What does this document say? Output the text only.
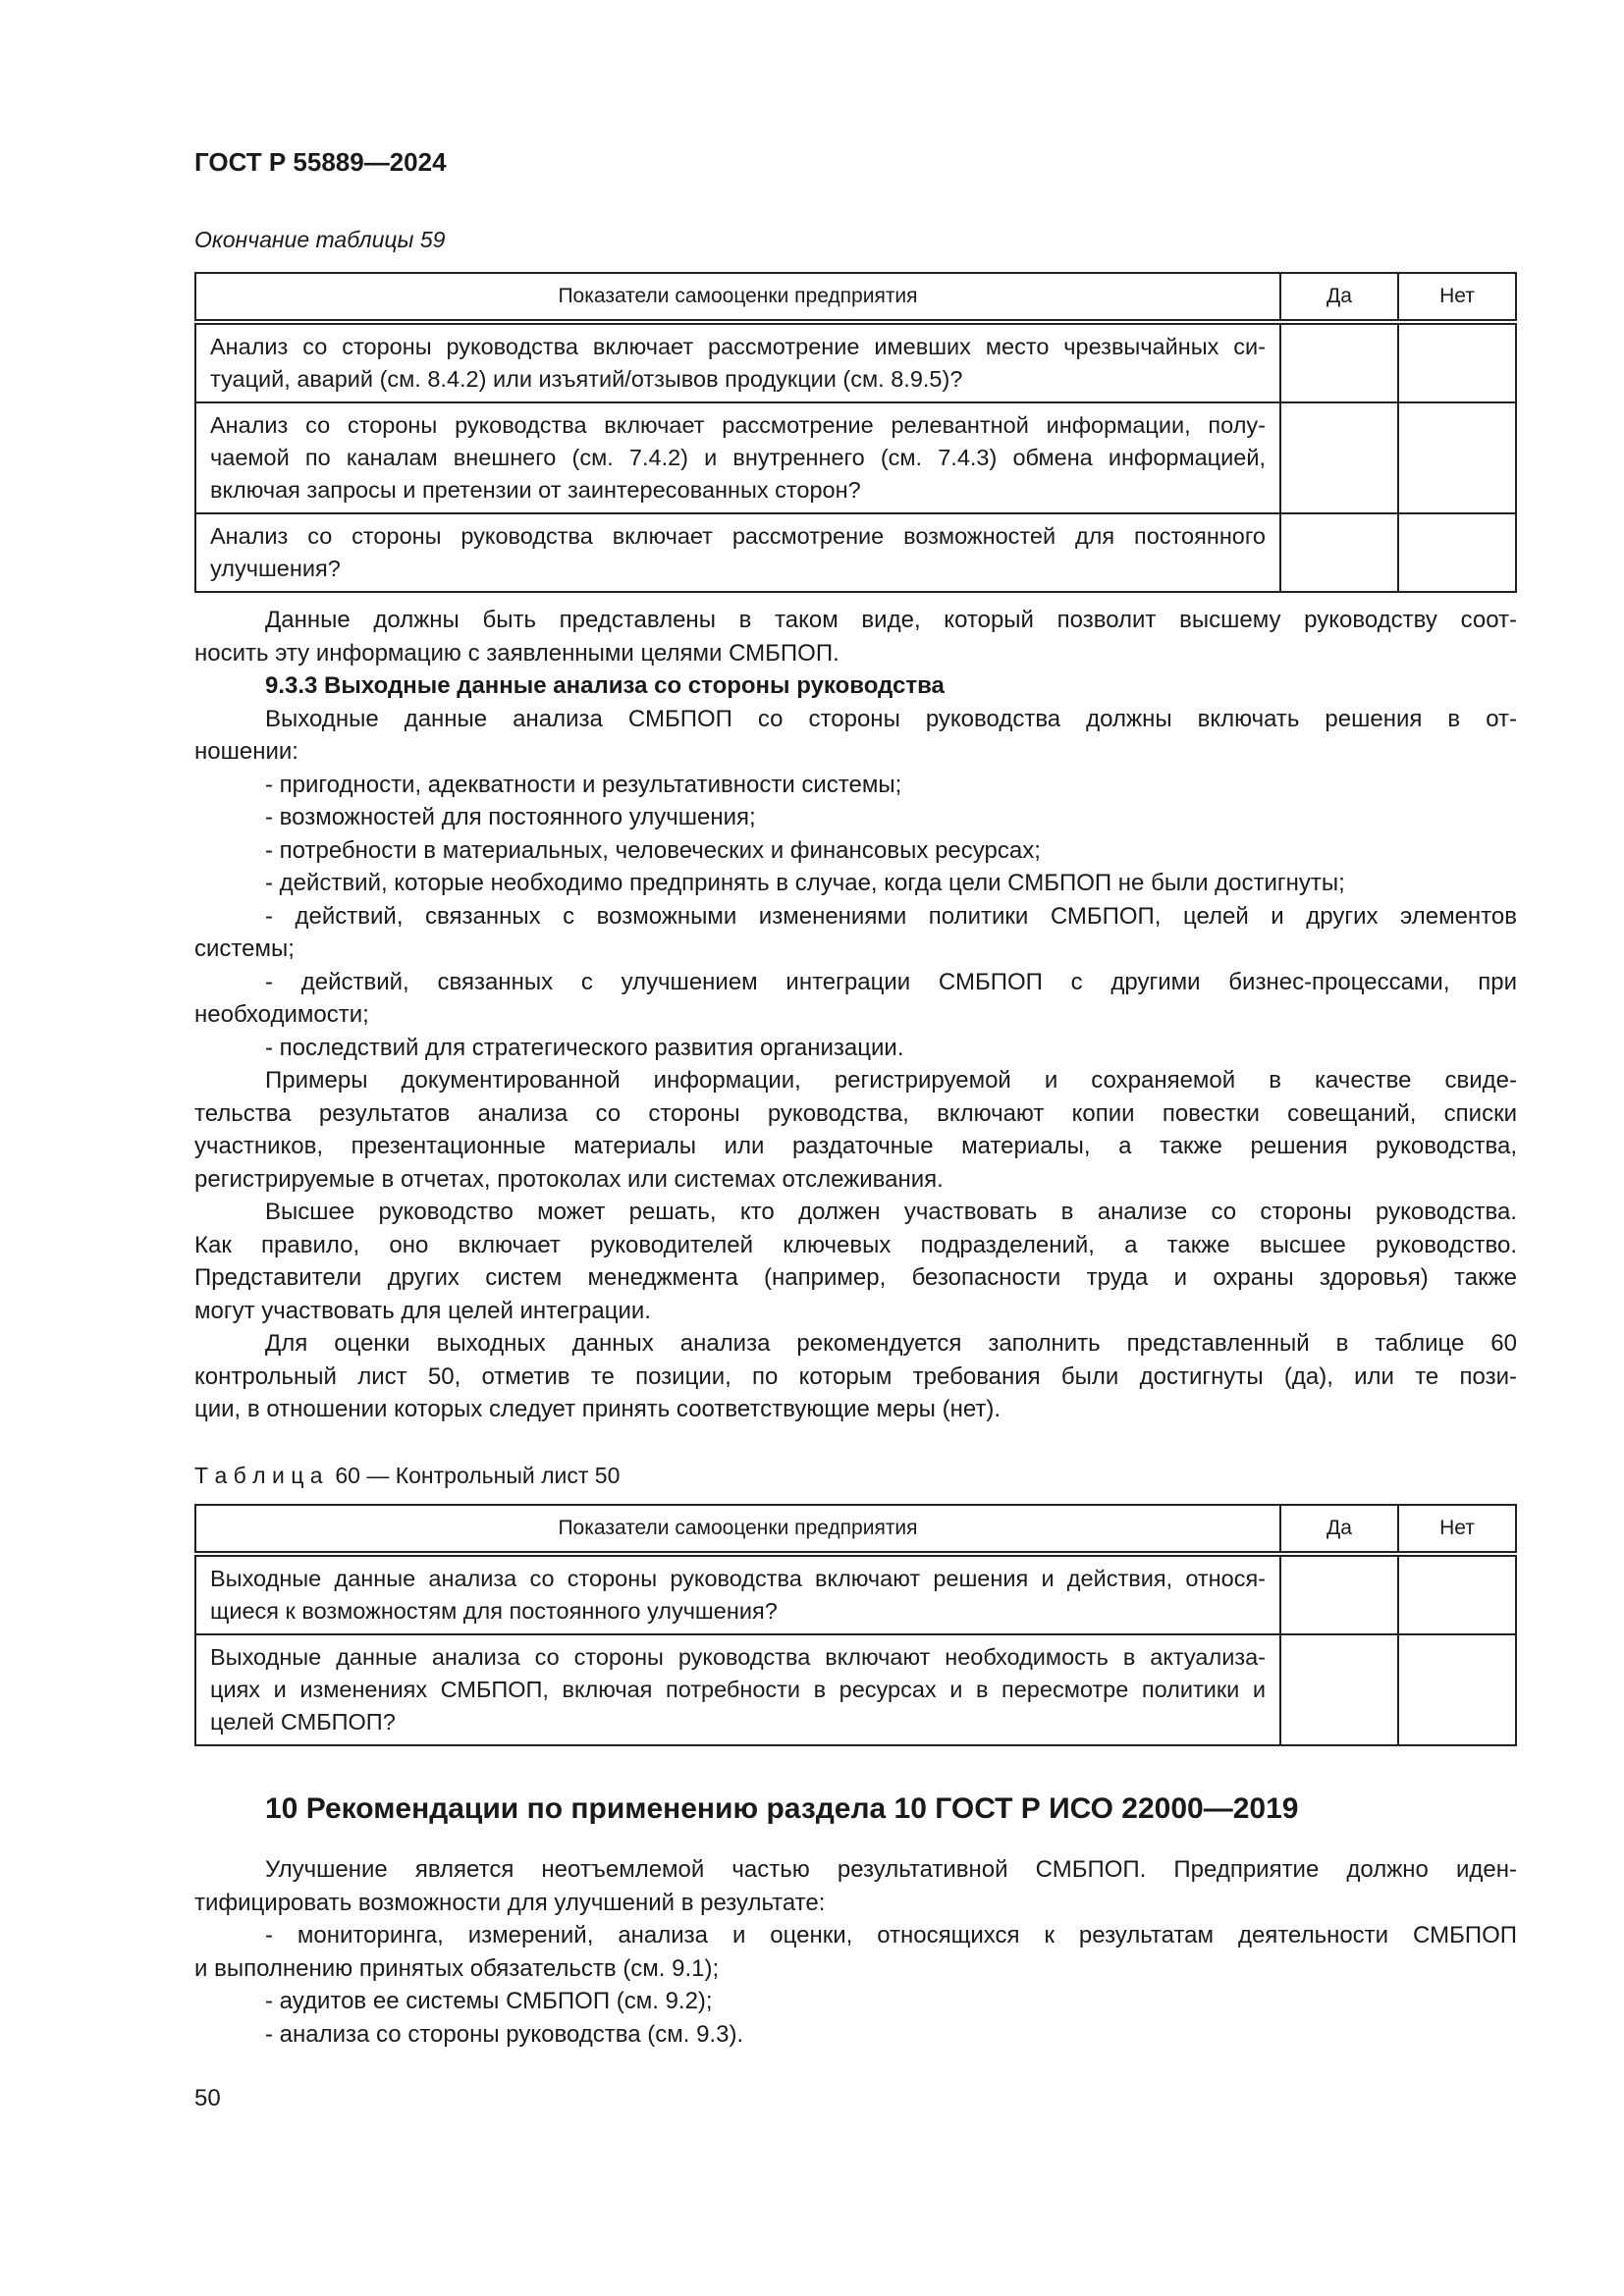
ГОСТ Р 55889—2024
Окончание таблицы 59
Показатели самооценки предприятия	Да	Нет

Анализ со стороны руководства включает рассмотрение имевших место чрезвычайных си-
туаций, аварий (см. 8.4.2) или изъятий/отзывов продукции (см. 8.9.5)?		

Анализ со стороны руководства включает рассмотрение релевантной информации, полу-
чаемой по каналам внешнего (см. 7.4.2) и внутреннего (см. 7.4.3) обмена информацией,
включая запросы и претензии от заинтересованных сторон?		

Анализ со стороны руководства включает рассмотрение возможностей для постоянного
улучшения?		

Данные должны быть представлены в таком виде, который позволит высшему руководству соот-
носить эту информацию с заявленными целями СМБПОП.
9.3.3 Выходные данные анализа со стороны руководства
Выходные данные анализа СМБПОП со стороны руководства должны включать решения в от-
ношении:
- пригодности, адекватности и результативности системы;
- возможностей для постоянного улучшения;
- потребности в материальных, человеческих и финансовых ресурсах;
- действий, которые необходимо предпринять в случае, когда цели СМБПОП не были достигнуты;
- действий, связанных с возможными изменениями политики СМБПОП, целей и других элементов
системы;
- действий, связанных с улучшением интеграции СМБПОП с другими бизнес-процессами, при
необходимости;
- последствий для стратегического развития организации.
Примеры документированной информации, регистрируемой и сохраняемой в качестве свиде-
тельства результатов анализа со стороны руководства, включают копии повестки совещаний, списки
участников, презентационные материалы или раздаточные материалы, а также решения руководства,
регистрируемые в отчетах, протоколах или системах отслеживания.
Высшее руководство может решать, кто должен участвовать в анализе со стороны руководства.
Как правило, оно включает руководителей ключевых подразделений, а также высшее руководство.
Представители других систем менеджмента (например, безопасности труда и охраны здоровья) также
могут участвовать для целей интеграции.
Для оценки выходных данных анализа рекомендуется заполнить представленный в таблице 60
контрольный лист 50, отметив те позиции, по которым требования были достигнуты (да), или те пози-
ции, в отношении которых следует принять соответствующие меры (нет).
Т а б л и ц а 60 — Контрольный лист 50
Показатели самооценки предприятия	Да	Нет

Выходные данные анализа со стороны руководства включают решения и действия, относя-
щиеся к возможностям для постоянного улучшения?		

Выходные данные анализа со стороны руководства включают необходимость в актуализа-
циях и изменениях СМБПОП, включая потребности в ресурсах и в пересмотре политики и
целей СМБПОП?		

10 Рекомендации по применению раздела 10 ГОСТ Р ИСО 22000—2019
Улучшение является неотъемлемой частью результативной СМБПОП. Предприятие должно иден-
тифицировать возможности для улучшений в результате:
- мониторинга, измерений, анализа и оценки, относящихся к результатам деятельности СМБПОП
и выполнению принятых обязательств (см. 9.1);
- аудитов ее системы СМБПОП (см. 9.2);
- анализа со стороны руководства (см. 9.3).
50
